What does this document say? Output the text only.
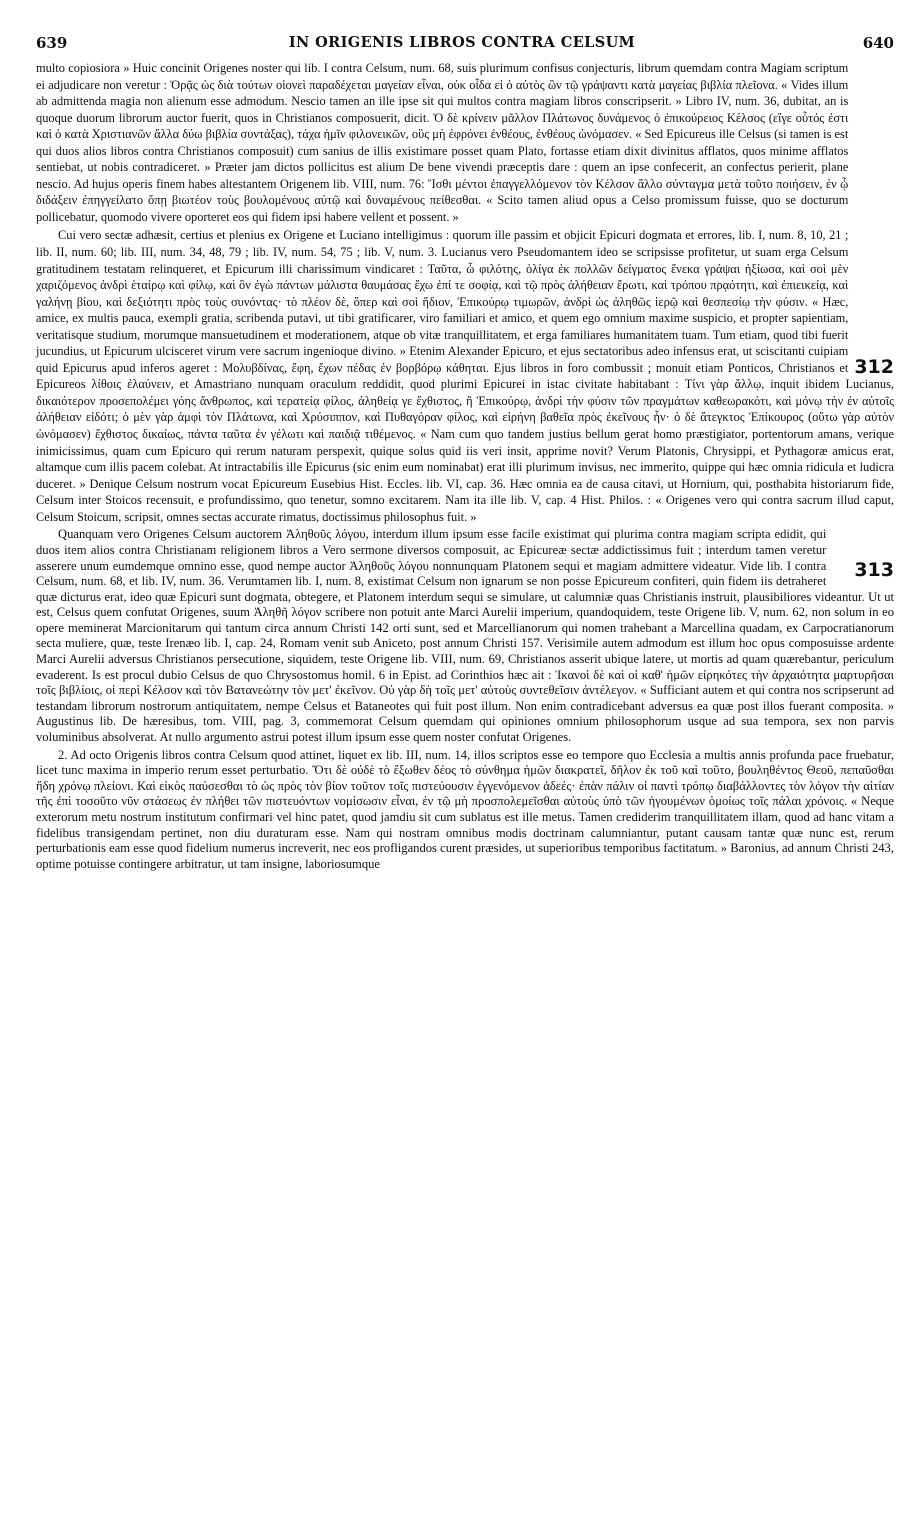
639	IN ORIGENIS LIBROS CONTRA CELSUM	640

312
multo copiosiora » Huic concinit Origenes noster qui lib. I contra Celsum, num. 68, suis plurimum confisus conjecturis, librum quemdam contra Magiam scriptum ei adjudicare non veretur : Ὁρᾷς ὡς διὰ τούτων οἱονεὶ παραδέχεται μαγείαν εἶναι, οὐκ οἶδα εἰ ὁ αὐτὸς ὢν τῷ γράψαντι κατὰ μαγείας βιβλία πλεῖονα. « Vides illum ab admittenda magia non alienum esse admodum. Nescio tamen an ille ipse sit qui multos contra magiam libros conscripserit. » Libro IV, num. 36, dubitat, an is quoque duorum librorum auctor fuerit, quos in Christianos composuerit, dicit. Ὁ δὲ κρίνειν μᾶλλον Πλάτωνος δυνάμενος ὁ ἐπικούρειος Κέλσος (εἴγε οὗτός ἐστι καὶ ὁ κατὰ Χριστιανῶν ἄλλα δύω βιβλία συντάξας), τάχα ἡμῖν φιλονεικῶν, οὓς μὴ ἐφρόνει ἐνθέους, ἐνθέους ὠνόμασεν. « Sed Epicureus ille Celsus (si tamen is est qui duos alios libros contra Christianos composuit) cum sanius de illis existimare posset quam Plato, fortasse etiam dixit divinitus afflatos, quos minime afflatos sentiebat, ut nobis contradiceret. » Præter jam dictos pollicitus est alium De bene vivendi præceptis dare : quem an ipse confecerit, an confectus perierit, plane nescio. Ad hujus operis finem habes altestantem Origenem lib. VIII, num. 76: Ἴσθι μέντοι ἐπαγγελλόμενον τὸν Κέλσον ἄλλο σύνταγμα μετὰ τοῦτο ποιήσειν, ἐν ᾧ διδάξειν ἐπηγγείλατο ὅπῃ βιωτέον τοὺς βουλομένους αὐτῷ καὶ δυναμένους πείθεσθαι. « Scito tamen aliud opus a Celso promissum fuisse, quo se docturum pollicebatur, quomodo vivere oporteret eos qui fidem ipsi habere vellent et possent. »

Cui vero sectæ adhæsit, certius et plenius ex Origene et Luciano intelligimus : quorum ille passim et objicit Epicuri dogmata et errores, lib. I, num. 8, 10, 21 ; lib. II, num. 60; lib. III, num. 34, 48, 79 ; lib. IV, num. 54, 75 ; lib. V, num. 3. Lucianus vero Pseudomantem ideo se scripsisse profitetur, ut suam erga Celsum gratitudinem testatam relinqueret, et Epicurum illi charissimum vindicaret : Ταῦτα, ὦ φιλότης, ὀλίγα ἐκ πολλῶν δείγματος ἕνεκα γράψαι ἠξίωσα, καὶ σοὶ μὲν χαριζόμενος ἀνδρὶ ἑταίρῳ καὶ φίλῳ, καὶ ὃν ἐγὼ πάντων μάλιστα θαυμάσας ἔχω ἐπί τε σοφίᾳ, καὶ τῷ πρὸς ἀλήθειαν ἔρωτι, καὶ τρόπου πρᾳότητι, καὶ ἐπιεικείᾳ, καὶ γαλήνῃ βίου, καὶ δεξιότητι πρὸς τοὺς συνόντας· τὸ πλέον δὲ, ὅπερ καὶ σοὶ ἥδιον, Ἐπικούρῳ τιμωρῶν, ἀνδρὶ ὡς ἀληθῶς ἱερῷ καὶ θεσπεσίῳ τὴν φύσιν. « Hæc, amice, ex multis pauca, exempli gratia, scribenda putavi, ut tibi gratificarer, viro familiari et amico, et quem ego omnium maxime suspicio, et propter sapientiam, veritatisque studium, morumque mansuetudinem et moderationem, atque ob vitæ tranquillitatem, et erga familiares humanitatem tuam. Tum etiam, quod tibi fuerit jucundius, ut Epicurum ulcisceret virum vere sacrum ingenioque divino. » Etenim Alexander Epicuro, et ejus sectatoribus adeo infensus erat, ut sciscitanti cuipiam quid Epicurus apud inferos ageret : Μολυβδίνας, ἔφη, ἔχων πέδας ἐν βορβόρῳ κάθηται. Ejus libros in foro combussit ; monuit etiam Ponticos, Christianos et Epicureos λίθοις ἐλαύνειν, et Amastriano nunquam oraculum reddidit, quod plurimi Epicurei in istac civitate habitabant : Τίνι γὰρ ἄλλῳ, inquit ibidem Lucianus, δικαιότερον προσεπολέμει γόης ἄνθρωπος, καὶ τερατείᾳ φίλος, ἀληθείᾳ γε ἔχθιστος, ἢ Ἐπικούρῳ, ἀνδρὶ τὴν φύσιν τῶν πραγμάτων καθεωρακότι, καὶ μόνῳ τὴν ἐν αὐτοῖς ἀλήθειαν εἰδότι; ὁ μὲν γὰρ ἀμφὶ τὸν Πλάτωνα, καὶ Χρύσιππον, καὶ Πυθαγόραν φίλος, καὶ εἰρήνη βαθεῖα πρὸς ἐκεῖνους ἦν· ὁ δὲ ἄτεγκτος Ἐπίκουρος (οὕτω γὰρ αὐτὸν ὠνόμασεν) ἔχθιστος δικαίως, πάντα ταῦτα ἐν γέλωτι καὶ παιδιᾷ τιθέμενος. « Nam cum quo tandem justius bellum gerat homo præstigiator, portentorum amans, verique inimicissimus, quam cum Epicuro qui rerum naturam perspexit, quique solus quid iis veri insit, apprime novit? Verum Platonis, Chrysippi, et Pythagoræ amicus erat, altamque cum illis pacem colebat. At intractabilis ille Epicurus (sic enim eum nominabat) erat illi plurimum invisus, nec immerito, quippe qui hæc omnia ridicula et ludicra duceret. » Denique Celsum nostrum vocat Epicureum Eusebius Hist. Eccles. lib. VI, cap. 36. Hæc omnia ea de causa citavi, ut Hornium, qui, posthabita historiarum fide, Celsum inter Stoicos recensuit, e profundissimo, quo tenetur, somno excitarem. Nam ita ille lib. V, cap. 4 Hist. Philos. : « Origenes vero qui contra sacrum illud caput, Celsum Stoicum, scripsit, omnes sectas accurate rimatus, doctissimus philosophus fuit. »

313
Quanquam vero Origenes Celsum auctorem Ἀληθοῦς λόγου, interdum illum ipsum esse facile existimat qui plurima contra magiam scripta edidit, qui duos item alios contra Christianam religionem libros a Vero sermone diversos composuit, ac Epicureæ sectæ addictissimus fuit ; interdum tamen veretur asserere unum eumdemque omnino esse, quod nempe auctor Ἀληθοῦς λόγου nonnunquam Platonem sequi et magiam admittere videatur. Vide lib. I contra Celsum, num. 68, et lib. IV, num. 36. Verumtamen lib. I, num. 8, existimat Celsum non ignarum se non posse Epicureum confiteri, quin fidem iis detraheret quæ dicturus erat, ideo quæ Epicuri sunt dogmata, obtegere, et Platonem interdum sequi se simulare, ut calumniæ quas Christianis instruit, plausibiliores videantur. Ut ut est, Celsus quem confutat Origenes, suum Ἀληθῆ λόγον scribere non potuit ante Marci Aurelii imperium, quandoquidem, teste Origene lib. V, num. 62, non solum in eo opere meminerat Marcionitarum qui tantum circa annum Christi 142 orti sunt, sed et Marcellianorum qui nomen trahebant a Marcellina quadam, ex Carpocratianorum secta muliere, quæ, teste Irenæo lib. I, cap. 24, Romam venit sub Aniceto, post annum Christi 157. Verisimile autem admodum est illum hoc opus composuisse ardente Marci Aurelii adversus Christianos persecutione, siquidem, teste Origene lib. VIII, num. 69, Christianos asserit ubique latere, ut mortis ad quam quærebantur, periculum evaderent. Is est procul dubio Celsus de quo Chrysostomus homil. 6 in Epist. ad Corinthios hæc ait : Ἱκανοὶ δὲ καὶ οἱ καθ' ἡμῶν εἰρηκότες τὴν ἀρχαιότητα μαρτυρῆσαι τοῖς βιβλίοις, οἱ περὶ Κέλσον καὶ τὸν Βατανεώτην τὸν μετ' ἐκεῖνον. Οὐ γὰρ δὴ τοῖς μετ' αὐτοὺς συντεθεῖσιν ἀντέλεγον. « Sufficiant autem et qui contra nos scripserunt ad testandam librorum nostrorum antiquitatem, nempe Celsus et Bataneotes qui fuit post illum. Non enim contradicebant adversus ea quæ post illos fuerant composita. » Augustinus lib. De hæresibus, tom. VIII, pag. 3, commemorat Celsum quemdam qui opiniones omnium philosophorum usque ad sua tempora, sex non parvis voluminibus absolverat. At nullo argumento astrui potest illum ipsum esse quem noster confutat Origenes.

2. Ad octo Origenis libros contra Celsum quod attinet, liquet ex lib. III, num. 14, illos scriptos esse eo tempore quo Ecclesia a multis annis profunda pace fruebatur, licet tunc maxima in imperio rerum esset perturbatio. Ὅτι δὲ οὐδὲ τὸ ἔξωθεν δέος τὸ σύνθημα ἡμῶν διακρατεῖ, δῆλον ἐκ τοῦ καὶ τοῦτο, βουληθέντος Θεοῦ, πεπαῦσθαι ἤδη χρόνῳ πλείονι. Καὶ εἰκὸς παύσεσθαι τὸ ὡς πρὸς τὸν βίον τοῦτον τοῖς πιστεύουσιν ἐγγενόμενον ἀδεές· ἐπὰν πάλιν οἱ παντὶ τρόπῳ διαβάλλοντες τὸν λόγον τὴν αἰτίαν τῆς ἐπὶ τοσοῦτο νῦν στάσεως ἐν πλήθει τῶν πιστευόντων νομίσωσιν εἶναι, ἐν τῷ μὴ προσπολεμεῖσθαι αὐτοὺς ὑπὸ τῶν ἡγουμένων ὁμοίως τοῖς πάλαι χρόνοις. « Neque exterorum metu nostrum institutum confirmari vel hinc patet, quod jamdiu sit cum sublatus est ille metus. Tamen crediderim tranquillitatem illam, quod ad hanc vitam a fidelibus transigendam pertinet, non diu duraturam esse. Nam qui nostram omnibus modis doctrinam calumniantur, putant causam tantæ quæ nunc est, rerum perturbationis eam esse quod fidelium numerus increverit, nec eos profligandos curent præsides, ut superioribus temporibus factitatum. » Baronius, ad annum Christi 243, optime potuisse contingere arbitratur, ut tam insigne, laboriosumque
